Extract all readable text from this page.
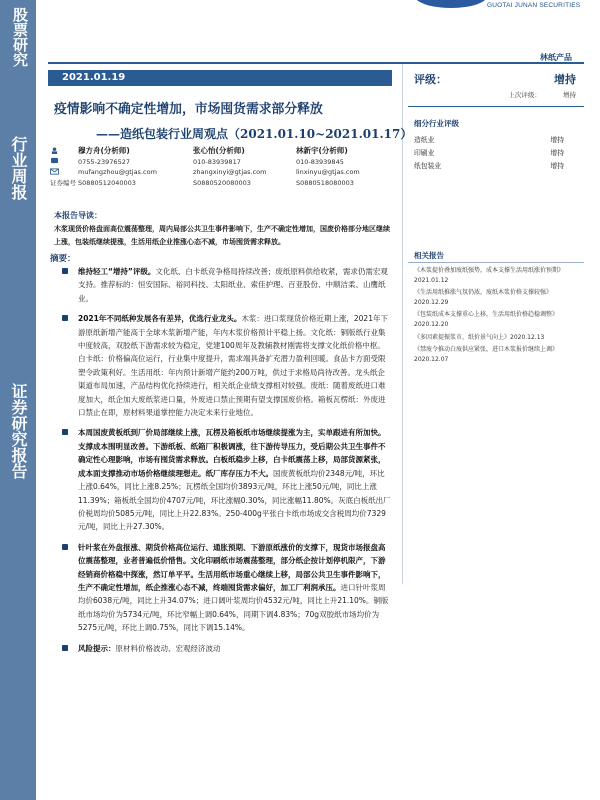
股票研究
行业周报
证券研究报告
GUOTAI JUNAN SECURITIES
林纸产品
2021.01.19
疫情影响不确定性增加，市场囤货需求部分释放
——造纸包装行业周观点（2021.01.10~2021.01.17）
穆方舟(分析师)
0755-23976527
mufangzhou@gtjas.com
S0880512040003
张心怡(分析师)
010-83939817
zhangxinyi@gtjas.com
S0880520080003
林新宇(分析师)
010-83939845
linxinyu@gtjas.com
S0880518080003
证券编号
评级：	增持
上次评级：	增持
细分行业评级
造纸业	增持
印刷业	增持
纸包装业	增持
相关报告
《木浆提价叠加废纸强势，成本支撑生活用纸涨价预期》2021.01.12
《生活用纸推涨气氛仍浓，废纸木浆价格支撑较强》2020.12.29
《包装纸成本支撑重心上移，生活用纸价格趋稳调整》2020.12.20
《多因素提振浆市，纸价景气向上》2020.12.13
《禁废令推动白废供应紧张，进口木浆报价继续上调》2020.12.07
本报告导读：
木浆现货价格盘面高位震荡整理，周内局部公共卫生事件影响下，生产不确定性增加，国废价格部分地区继续上涨，包装纸继续提涨，生活用纸企业推涨心态不减，市场囤货需求释放。
摘要：
维持轻工“增持”评级。文化纸、白卡纸竞争格局持续改善；废纸原料供给收紧，需求仍需宏观支持。推荐标的：恒安国际、裕同科技、太阳纸业、索佳护理、百亚股份、中顺洁柔、山鹰纸业。
2021年不同纸种发展各有差异，优选行业龙头。木浆：进口浆现货价格近期上涨，2021年下游原纸新增产能高于全球木浆新增产能，年内木浆价格预计平稳上扬。文化纸：铜版纸行业集中度较高，双胶纸下游需求较为稳定，党建100周年及教辅教材刚需将支撑文化纸价格中枢。白卡纸：价格偏高位运行，行业集中度提升，需求端具备扩充潜力盈利回暖。食品卡方面受限塑令政策利好。生活用纸：年内预计新增产能约200万吨，供过于求格局尚待改善。龙头纸企渠道布局加速，产品结构优化持续进行，相关纸企业绩支撑相对较强。废纸：随着废纸进口难度加大，纸企加大废纸浆进口量，外废进口禁止预期有望支撑国废价格。箱板瓦楞纸：外废进口禁止在即，原材料果道掌控能力决定未来行业地位。
本周国废黄板纸到厂价局部继续上涨，瓦楞及箱板纸市场继续提涨为主，实单跟进有所加快。支撑成本围明显改善。下游纸板、纸箱厂积极调涨，往下游传导压力，受后期公共卫生事件不确定性心理影响，市场有囤货需求释放。白板纸稳步上移，白卡纸震荡上移，局部货源紧张，成本面支撑推动市场价格继续理想走。纸厂库存压力不大。国废黄板纸均价2348元/吨，环比上涨0.64%，同比上涨8.25%；瓦楞纸全国均价3893元/吨，环比上涨50元/吨，同比上涨11.39%；箱板纸全国均价4707元/吨，环比涨幅0.30%，同比涨幅11.80%。灰底白板纸出厂价税周均价5085元/吨，同比上升22.83%。250-400g平张白卡纸市场成交含税周均价7329元/吨，同比上升27.30%。
针叶浆在外盘报涨、期货价格高位运行、通胀预期、下游原纸涨价的支撑下，现货市场报盘高位震荡整理，业者普遍低价惜售。文化印刷纸市场震荡整理，部分纸企按计划停机限产，下游经销商价格稳中探涨，然订单平平。生活用纸市场重心继续上移，局部公共卫生事件影响下，生产不确定性增加，纸企推涨心态不减，终端囤货需求偏好，加工厂利润承压。进口针叶浆周均价6038元/吨，同比上升34.07%；进口阔叶浆周均价4532元/吨，同比上升21.10%。铜版纸市场均价为5734元/吨，环比窄幅上调0.64%，同期下调4.83%；70g双胶纸市场均价为5275元/吨，环比上调0.75%，同比下调15.14%。
风险提示：原材料价格波动、宏观经济波动
